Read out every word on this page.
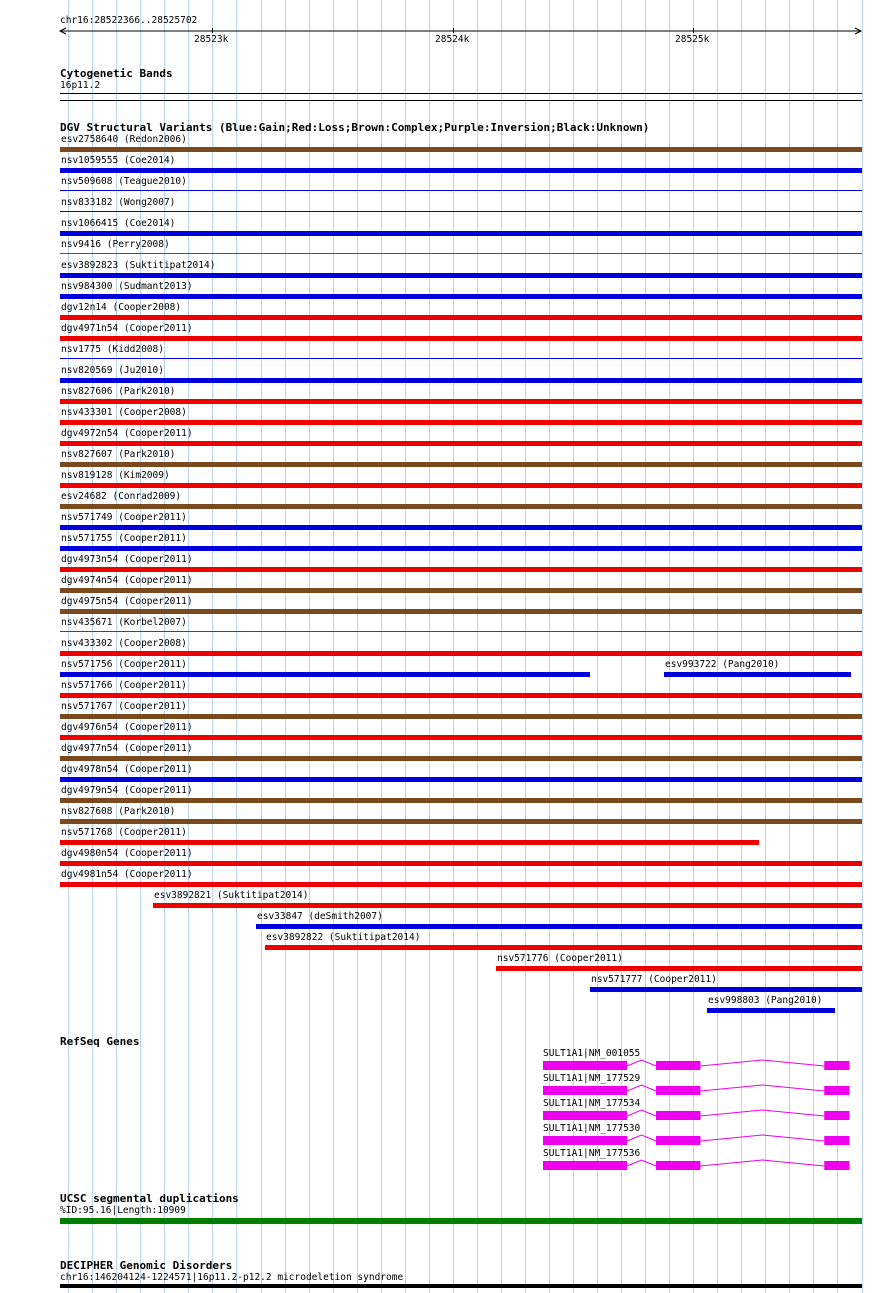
chr16:28522366..28525702
28523k	28524k	28525k
Cytogenetic Bands
16p11.2
DGV Structural Variants (Blue:Gain;Red:Loss;Brown:Complex;Purple:Inversion;Black:Unknown)
esv2758640 (Redon2006)
nsv1059555 (Coe2014)
nsv509608 (Teague2010)
nsv833182 (Wong2007)
nsv1066415 (Coe2014)
nsv9416 (Perry2008)
esv3892823 (Suktitipat2014)
nsv984300 (Sudmant2013)
dgv12n14 (Cooper2008)
dgv4971n54 (Cooper2011)
nsv1775 (Kidd2008)
nsv820569 (Ju2010)
nsv827606 (Park2010)
nsv433301 (Cooper2008)
dgv4972n54 (Cooper2011)
nsv827607 (Park2010)
nsv819128 (Kim2009)
esv24682 (Conrad2009)
nsv571749 (Cooper2011)
nsv571755 (Cooper2011)
dgv4973n54 (Cooper2011)
dgv4974n54 (Cooper2011)
dgv4975n54 (Cooper2011)
nsv435671 (Korbel2007)
nsv433302 (Cooper2008)
nsv571756 (Cooper2011)	esv993722 (Pang2010)
nsv571766 (Cooper2011)
nsv571767 (Cooper2011)
dgv4976n54 (Cooper2011)
dgv4977n54 (Cooper2011)
dgv4978n54 (Cooper2011)
dgv4979n54 (Cooper2011)
nsv827608 (Park2010)
nsv571768 (Cooper2011)
dgv4980n54 (Cooper2011)
dgv4981n54 (Cooper2011)
esv3892821 (Suktitipat2014)
esv33847 (deSmith2007)
esv3892822 (Suktitipat2014)
nsv571776 (Cooper2011)
nsv571777 (Cooper2011)
esv998803 (Pang2010)
RefSeq Genes
SULT1A1|NM_001055
SULT1A1|NM_177529
SULT1A1|NM_177534
SULT1A1|NM_177530
SULT1A1|NM_177536
UCSC segmental duplications
%ID:95.16|Length:10909
DECIPHER Genomic Disorders
chr16:146204124-1224571|16p11.2-p12.2 microdeletion syndrome
